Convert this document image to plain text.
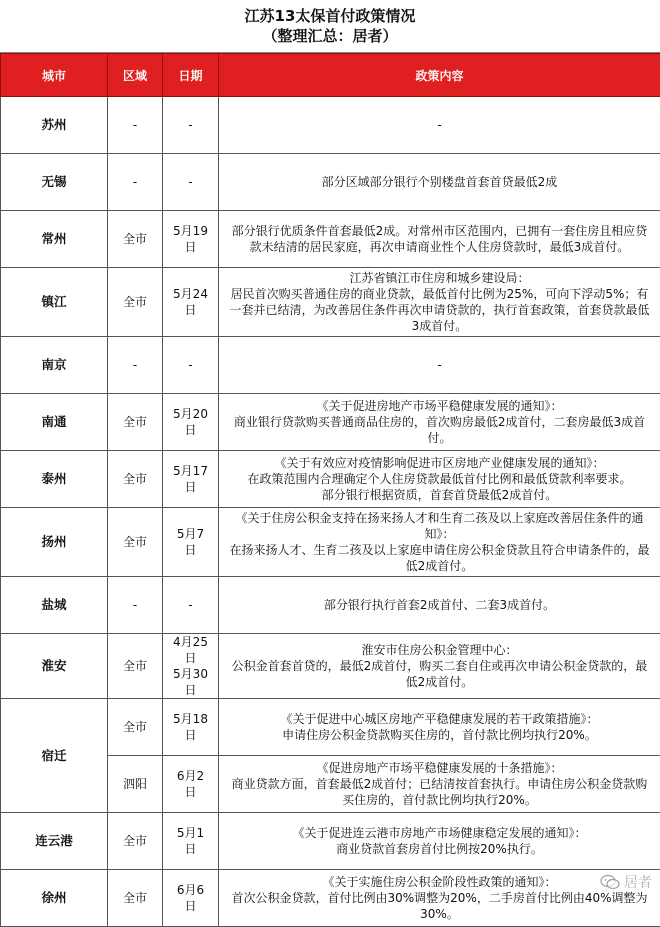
江苏13太保首付政策情况
（整理汇总：居者）
城市	区域	日期	政策内容
苏州	-	-	-

无锡	-	-	部分区域部分银行个别楼盘首套首贷最低2成

常州	全市	5月19日	部分银行优质条件首套最低2成。对常州市区范围内，已拥有一套住房且相应贷款未结清的居民家庭，再次申请商业性个人住房贷款时，最低3成首付。

镇江	全市	5月24日	江苏省镇江市住房和城乡建设局：
居民首次购买普通住房的商业贷款，最低首付比例为25%，可向下浮动5%；有一套并已结清，为改善居住条件再次申请贷款的，执行首套政策，首套贷款最低3成首付。

南京	-	-	-

南通	全市	5月20日	《关于促进房地产市场平稳健康发展的通知》：
商业银行贷款购买普通商品住房的，首次购房最低2成首付，二套房最低3成首付。

泰州	全市	5月17日	《关于有效应对疫情影响促进市区房地产业健康发展的通知》：
在政策范围内合理确定个人住房贷款最低首付比例和最低贷款利率要求。
部分银行根据资质，首套首贷最低2成首付。

扬州	全市	5月7日	《关于住房公积金支持在扬来扬人才和生育二孩及以上家庭改善居住条件的通知》：
在扬来扬人才、生育二孩及以上家庭申请住房公积金贷款且符合申请条件的，最低2成首付。

盐城	-	-	部分银行执行首套2成首付、二套3成首付。

淮安	全市	4月25日
5月30日	淮安市住房公积金管理中心：
公积金首套首贷的，最低2成首付，购买二套自住或再次申请公积金贷款的，最低2成首付。

宿迁	全市	5月18日	《关于促进中心城区房地产平稳健康发展的若干政策措施》：
申请住房公积金贷款购买住房的，首付款比例均执行20%。

	泗阳	6月2日	《促进房地产市场平稳健康发展的十条措施》：
商业贷款方面，首套最低2成首付；已结清按首套执行。申请住房公积金贷款购买住房的，首付款比例均执行20%。

连云港	全市	5月1日	《关于促进连云港市房地产市场健康稳定发展的通知》：
商业贷款首套房首付比例按20%执行。

徐州	全市	6月6日	《关于实施住房公积金阶段性政策的通知》：
首次公积金贷款，首付比例由30%调整为20%，二手房首付比例由40%调整为30%。
居者
